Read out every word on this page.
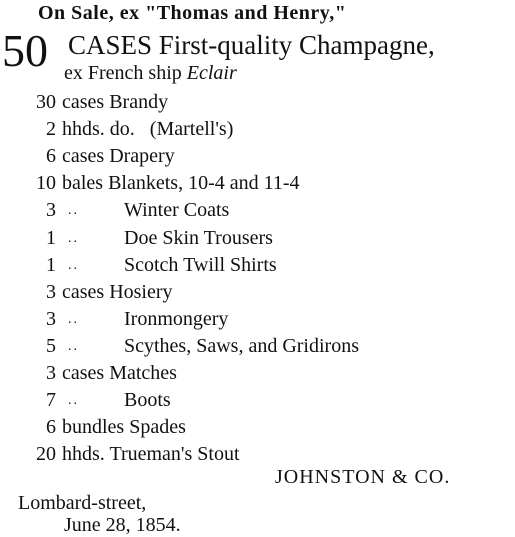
On Sale, ex "Thomas and Henry,"
50 CASES First-quality Champagne,
ex French ship Eclair
30 cases Brandy
2 hhds. do.   (Martell's)
6 cases Drapery
10 bales Blankets, 10-4 and 11-4
3 .. Winter Coats
1 .. Doe Skin Trousers
1 .. Scotch Twill Shirts
3 cases Hosiery
3 .. Ironmongery
5 .. Scythes, Saws, and Gridirons
3 cases Matches
7 .. Boots
6 bundles Spades
20 hhds. Trueman's Stout
JOHNSTON & CO.
Lombard-street,
June 28, 1854.
